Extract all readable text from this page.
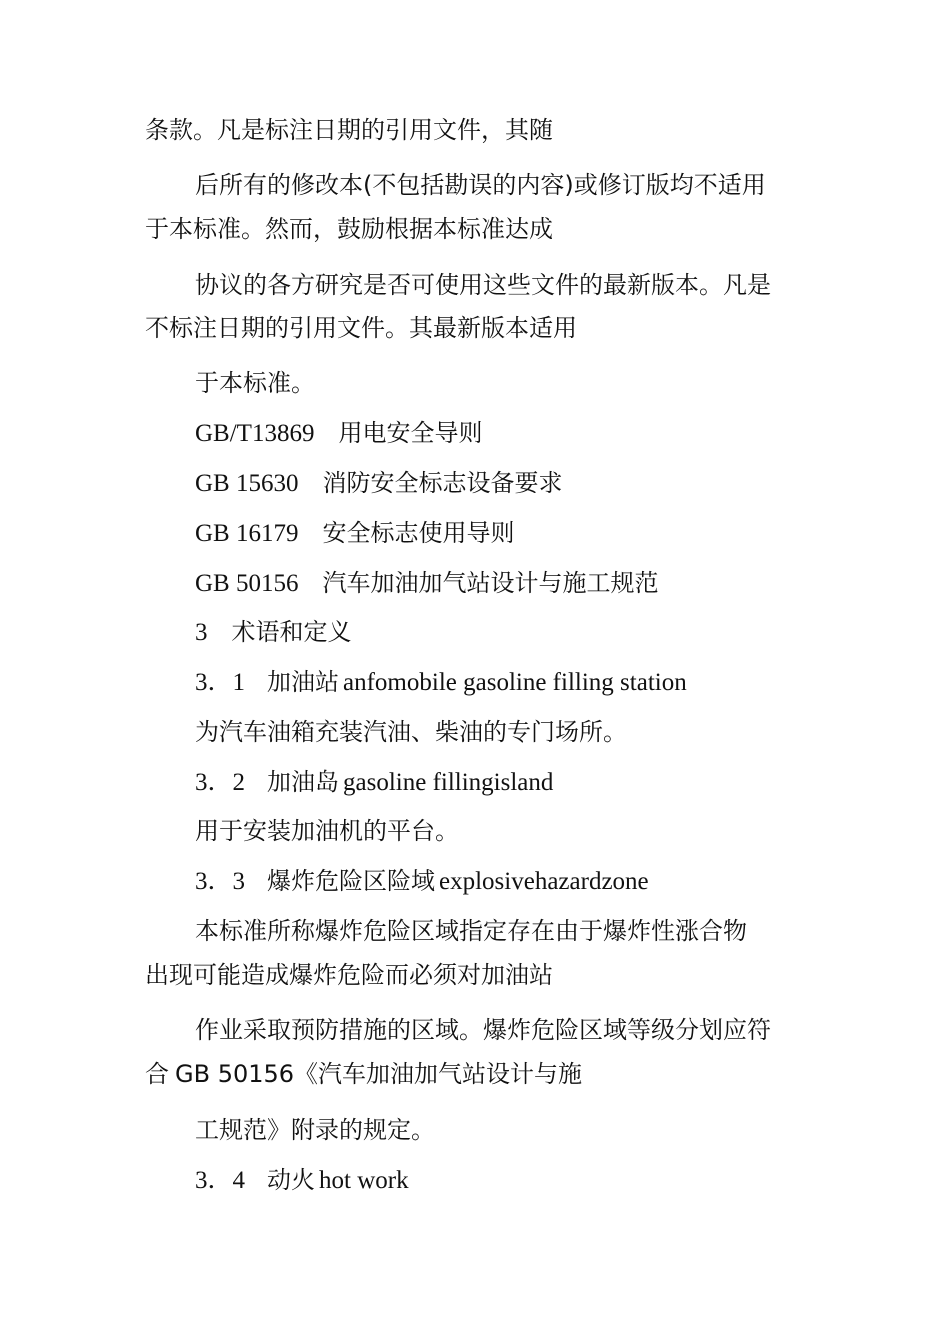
条款。凡是标注日期的引用文件，其随
后所有的修改本(不包括勘误的内容)或修订版均不适用
于本标准。然而，鼓励根据本标准达成
协议的各方研究是否可使用这些文件的最新版本。凡是
不标注日期的引用文件。其最新版本适用
于本标准。
GB/T13869 用电安全导则
GB 15630 消防安全标志设备要求
GB 16179 安全标志使用导则
GB 50156 汽车加油加气站设计与施工规范
3 术语和定义
3．1 加油站 anfomobile gasoline filling station
为汽车油箱充装汽油、柴油的专门场所。
3．2 加油岛 gasoline fillingisland
用于安装加油机的平台。
3．3 爆炸危险区险域 explosivehazardzone
本标准所称爆炸危险区域指定存在由于爆炸性涨合物
出现可能造成爆炸危险而必须对加油站
作业采取预防措施的区域。爆炸危险区域等级分划应符
合 GB 50156《汽车加油加气站设计与施
工规范》附录的规定。
3．4 动火 hot work
